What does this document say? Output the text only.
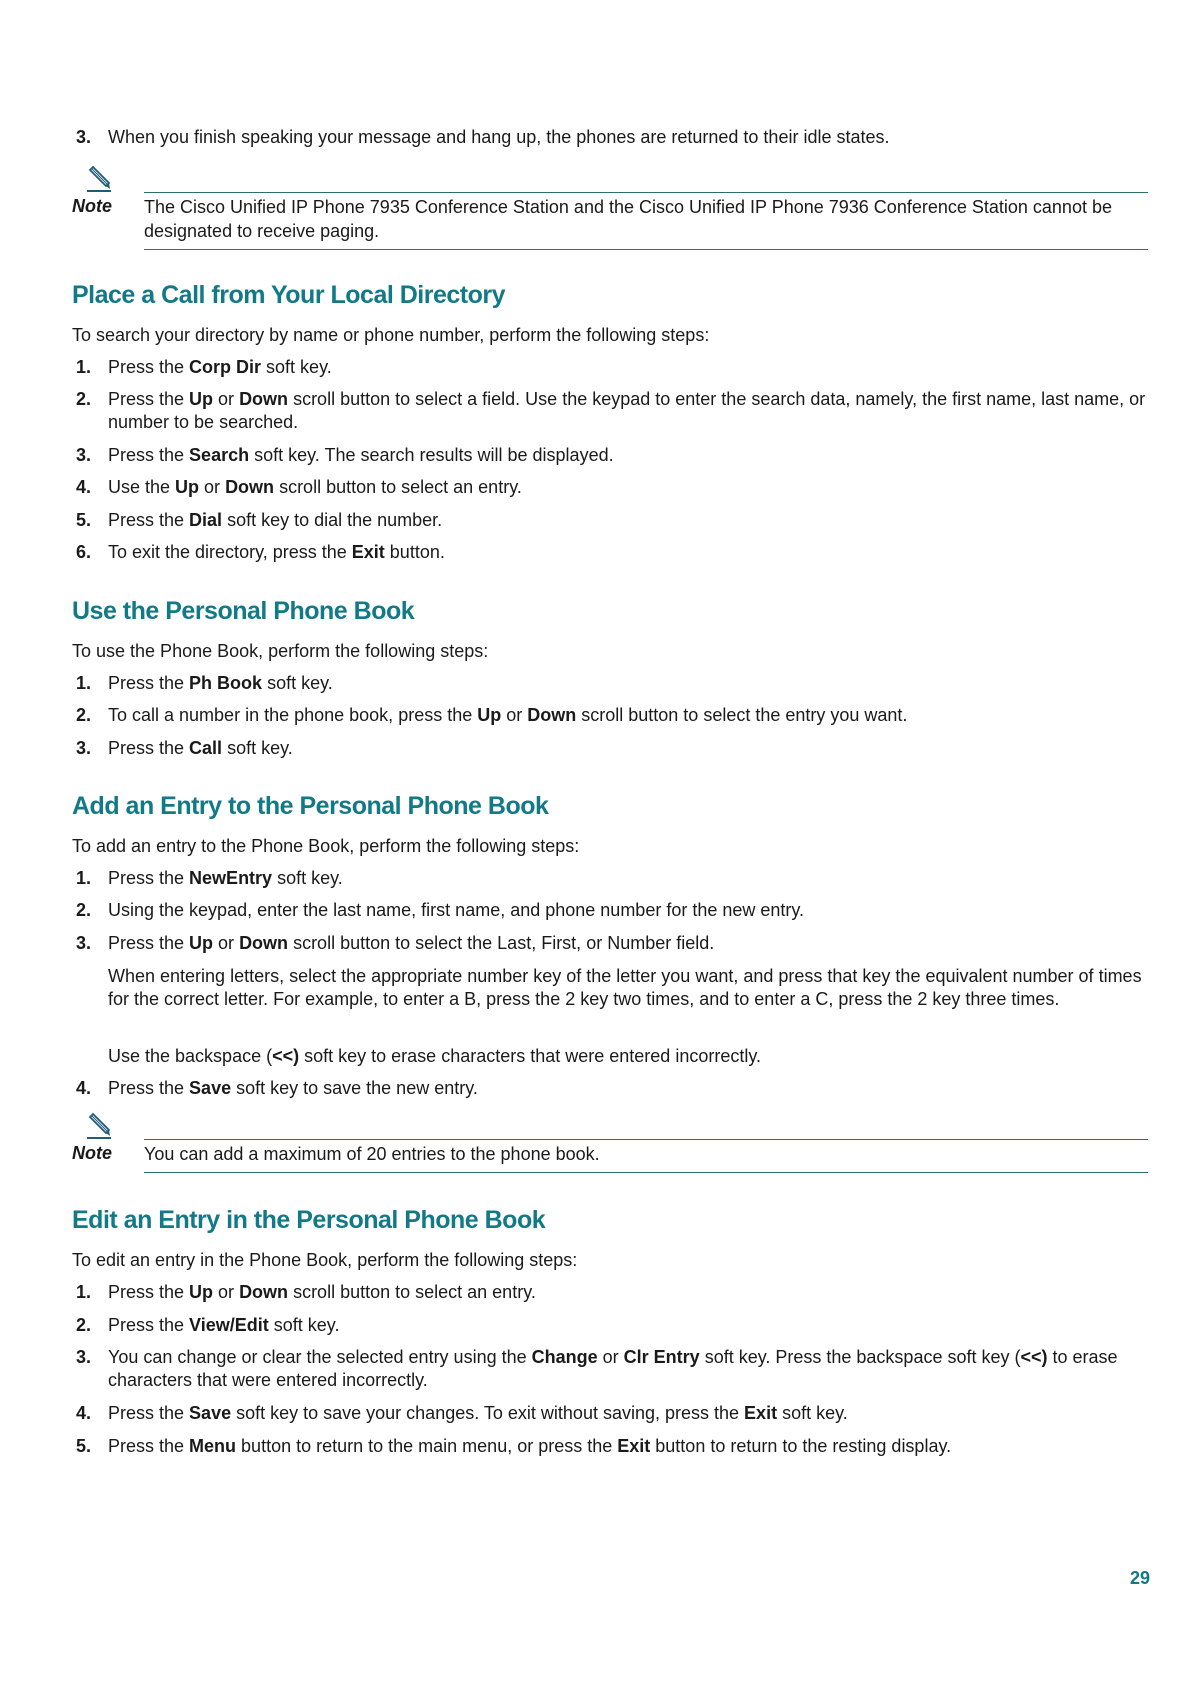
3. When you finish speaking your message and hang up, the phones are returned to their idle states.
Note The Cisco Unified IP Phone 7935 Conference Station and the Cisco Unified IP Phone 7936 Conference Station cannot be designated to receive paging.
Place a Call from Your Local Directory
To search your directory by name or phone number, perform the following steps:
1. Press the Corp Dir soft key.
2. Press the Up or Down scroll button to select a field. Use the keypad to enter the search data, namely, the first name, last name, or number to be searched.
3. Press the Search soft key. The search results will be displayed.
4. Use the Up or Down scroll button to select an entry.
5. Press the Dial soft key to dial the number.
6. To exit the directory, press the Exit button.
Use the Personal Phone Book
To use the Phone Book, perform the following steps:
1. Press the Ph Book soft key.
2. To call a number in the phone book, press the Up or Down scroll button to select the entry you want.
3. Press the Call soft key.
Add an Entry to the Personal Phone Book
To add an entry to the Phone Book, perform the following steps:
1. Press the NewEntry soft key.
2. Using the keypad, enter the last name, first name, and phone number for the new entry.
3. Press the Up or Down scroll button to select the Last, First, or Number field.
When entering letters, select the appropriate number key of the letter you want, and press that key the equivalent number of times for the correct letter. For example, to enter a B, press the 2 key two times, and to enter a C, press the 2 key three times.
Use the backspace (<<) soft key to erase characters that were entered incorrectly.
4. Press the Save soft key to save the new entry.
Note You can add a maximum of 20 entries to the phone book.
Edit an Entry in the Personal Phone Book
To edit an entry in the Phone Book, perform the following steps:
1. Press the Up or Down scroll button to select an entry.
2. Press the View/Edit soft key.
3. You can change or clear the selected entry using the Change or Clr Entry soft key. Press the backspace soft key (<<) to erase characters that were entered incorrectly.
4. Press the Save soft key to save your changes. To exit without saving, press the Exit soft key.
5. Press the Menu button to return to the main menu, or press the Exit button to return to the resting display.
29
